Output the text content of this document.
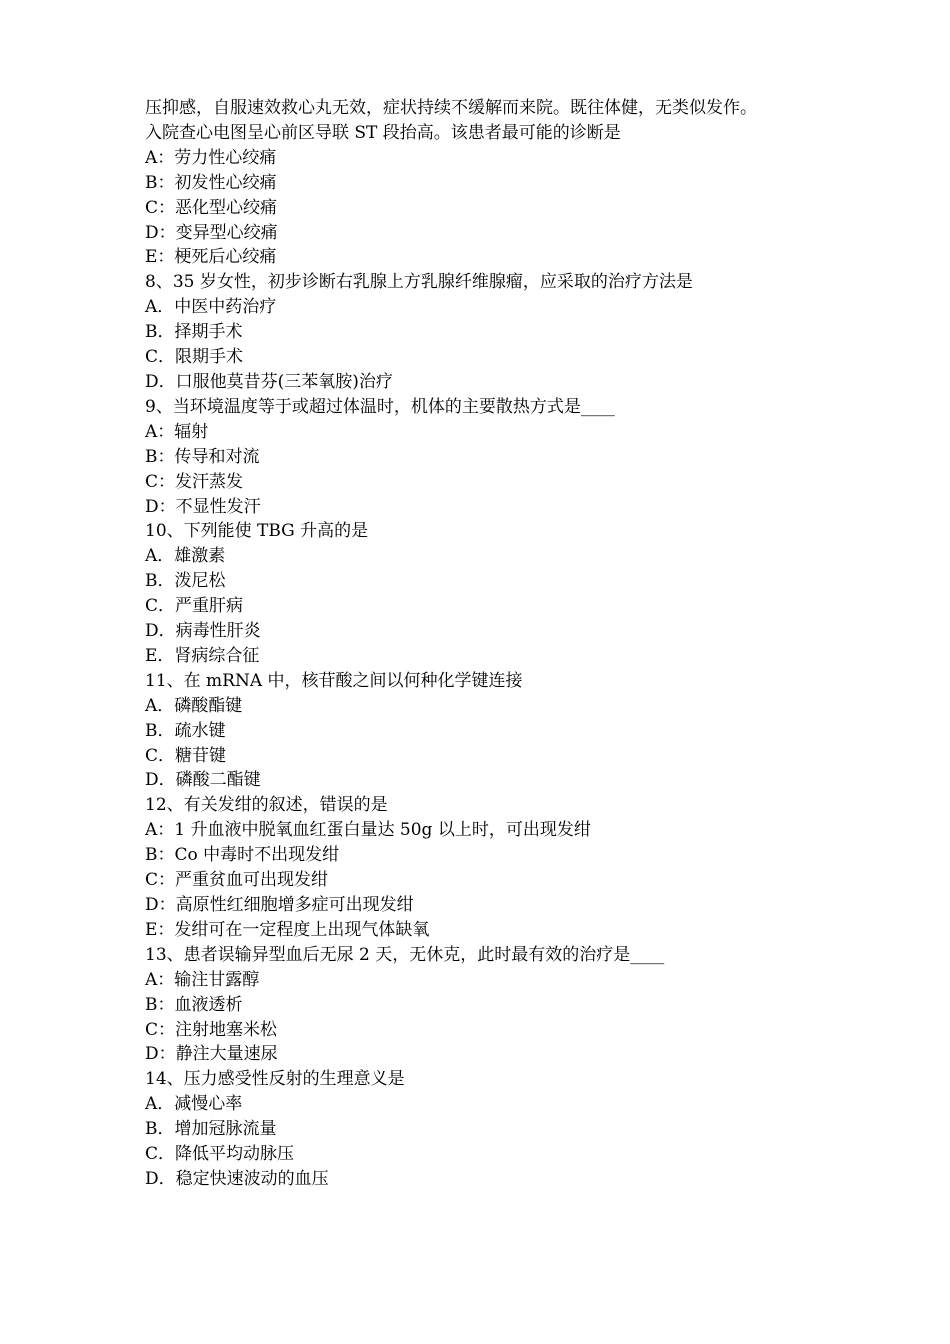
压抑感，自服速效救心丸无效，症状持续不缓解而来院。既往体健，无类似发作。
入院查心电图呈心前区导联 ST 段抬高。该患者最可能的诊断是
A：劳力性心绞痛
B：初发性心绞痛
C：恶化型心绞痛
D：变异型心绞痛
E：梗死后心绞痛
8、35 岁女性，初步诊断右乳腺上方乳腺纤维腺瘤，应采取的治疗方法是
A．中医中药治疗
B．择期手术
C．限期手术
D．口服他莫昔芬(三苯氧胺)治疗
9、当环境温度等于或超过体温时，机体的主要散热方式是____
A：辐射
B：传导和对流
C：发汗蒸发
D：不显性发汗
10、下列能使 TBG 升高的是
A．雄激素
B．泼尼松
C．严重肝病
D．病毒性肝炎
E．肾病综合征
11、在 mRNA 中，核苷酸之间以何种化学键连接
A．磷酸酯键
B．疏水键
C．糖苷键
D．磷酸二酯键
12、有关发绀的叙述，错误的是
A：1 升血液中脱氧血红蛋白量达 50g 以上时，可出现发绀
B：Co 中毒时不出现发绀
C：严重贫血可出现发绀
D：高原性红细胞增多症可出现发绀
E：发绀可在一定程度上出现气体缺氧
13、患者误输异型血后无尿 2 天，无休克，此时最有效的治疗是____
A：输注甘露醇
B：血液透析
C：注射地塞米松
D：静注大量速尿
14、压力感受性反射的生理意义是
A．减慢心率
B．增加冠脉流量
C．降低平均动脉压
D．稳定快速波动的血压
